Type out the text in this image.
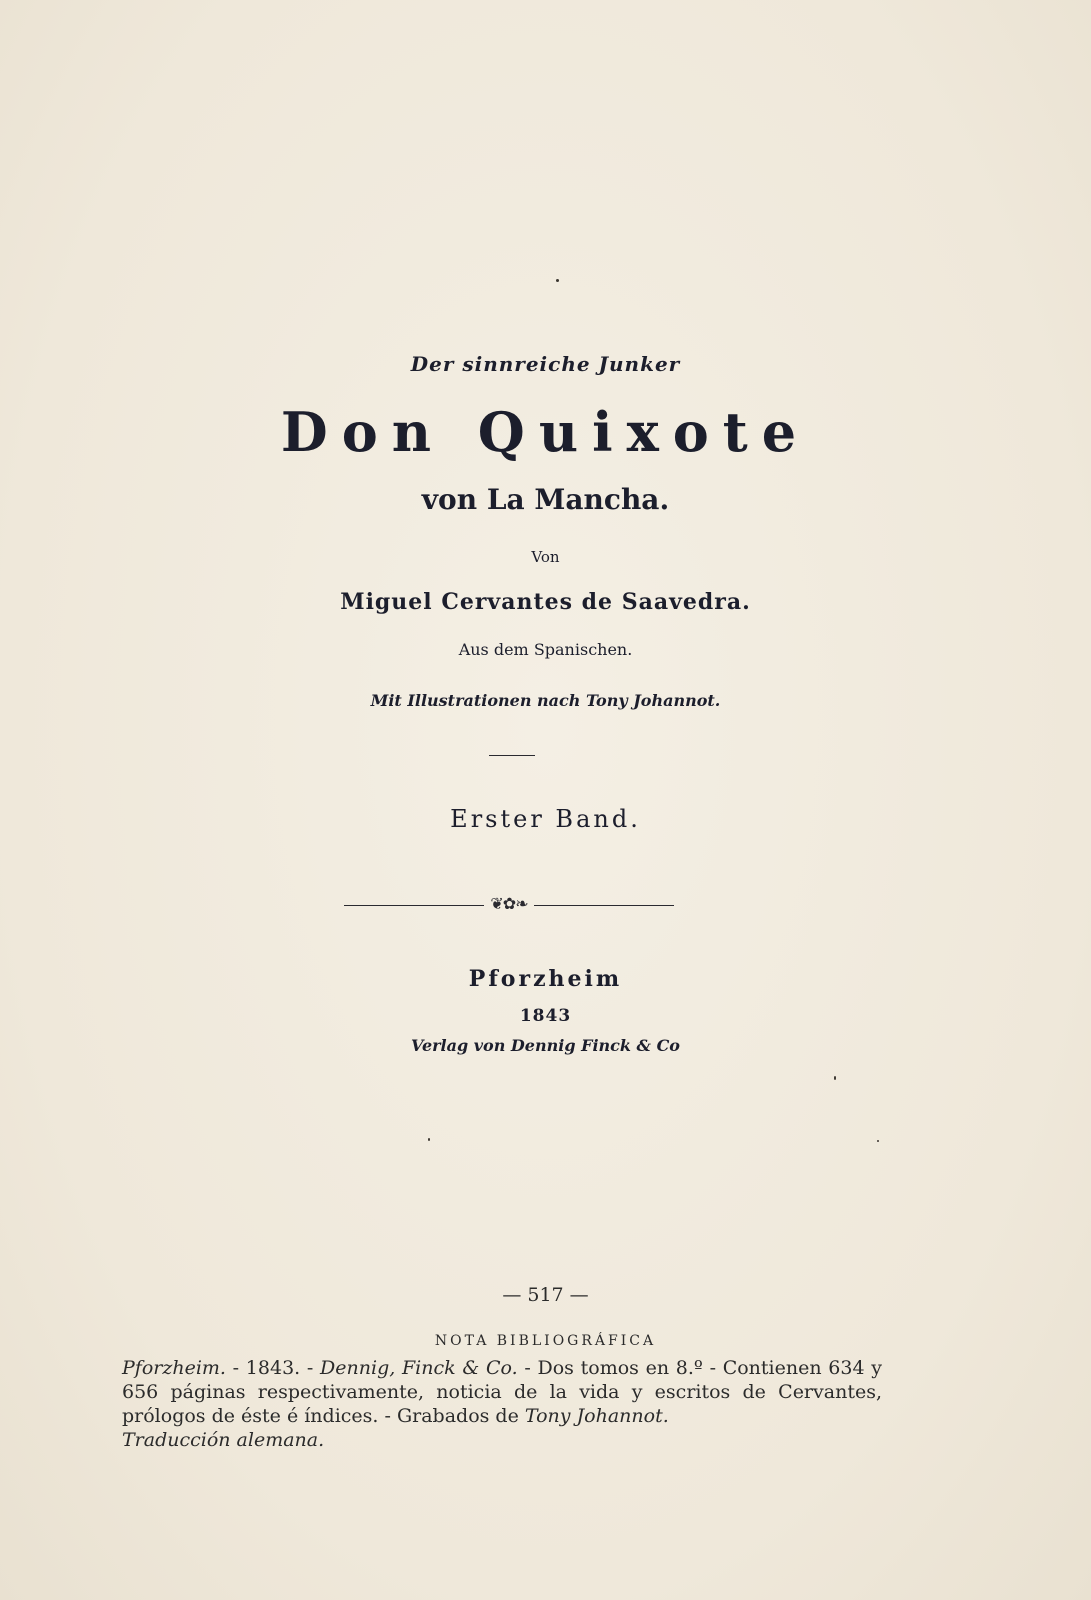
Der sinnreiche Junker
Don Quixote
von La Mancha.
Von
Miguel Cervantes de Saavedra.
Aus dem Spanischen.
Mit Illustrationen nach Tony Johannot.
Erster Band.
❦✿❧
Pforzheim
1843
Verlag von Dennig Finck & Co
— 517 —
NOTA BIBLIOGRÁFICA

Pforzheim. - 1843. - Dennig, Finck & Co. - Dos tomos en 8.º - Contienen 634 y 656 páginas respectivamente, noticia de la vida y escritos de Cervantes, prólogos de éste é índices. - Grabados de Tony Johannot.

Traducción alemana.
